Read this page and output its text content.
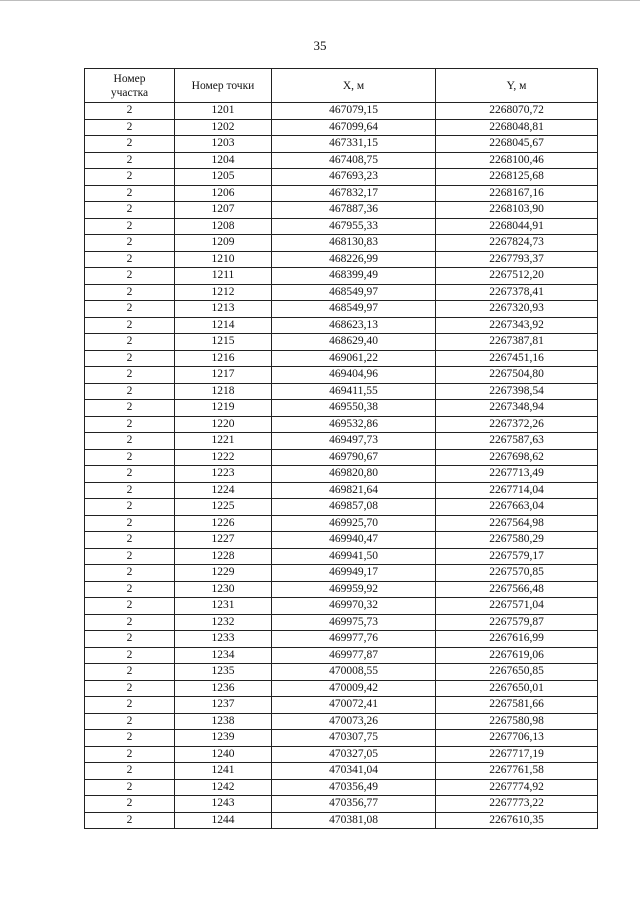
35
Номер
участка	Номер точки	X, м	Y, м
2	1201	467079,15	2268070,72
2	1202	467099,64	2268048,81
2	1203	467331,15	2268045,67
2	1204	467408,75	2268100,46
2	1205	467693,23	2268125,68
2	1206	467832,17	2268167,16
2	1207	467887,36	2268103,90
2	1208	467955,33	2268044,91
2	1209	468130,83	2267824,73
2	1210	468226,99	2267793,37
2	1211	468399,49	2267512,20
2	1212	468549,97	2267378,41
2	1213	468549,97	2267320,93
2	1214	468623,13	2267343,92
2	1215	468629,40	2267387,81
2	1216	469061,22	2267451,16
2	1217	469404,96	2267504,80
2	1218	469411,55	2267398,54
2	1219	469550,38	2267348,94
2	1220	469532,86	2267372,26
2	1221	469497,73	2267587,63
2	1222	469790,67	2267698,62
2	1223	469820,80	2267713,49
2	1224	469821,64	2267714,04
2	1225	469857,08	2267663,04
2	1226	469925,70	2267564,98
2	1227	469940,47	2267580,29
2	1228	469941,50	2267579,17
2	1229	469949,17	2267570,85
2	1230	469959,92	2267566,48
2	1231	469970,32	2267571,04
2	1232	469975,73	2267579,87
2	1233	469977,76	2267616,99
2	1234	469977,87	2267619,06
2	1235	470008,55	2267650,85
2	1236	470009,42	2267650,01
2	1237	470072,41	2267581,66
2	1238	470073,26	2267580,98
2	1239	470307,75	2267706,13
2	1240	470327,05	2267717,19
2	1241	470341,04	2267761,58
2	1242	470356,49	2267774,92
2	1243	470356,77	2267773,22
2	1244	470381,08	2267610,35
